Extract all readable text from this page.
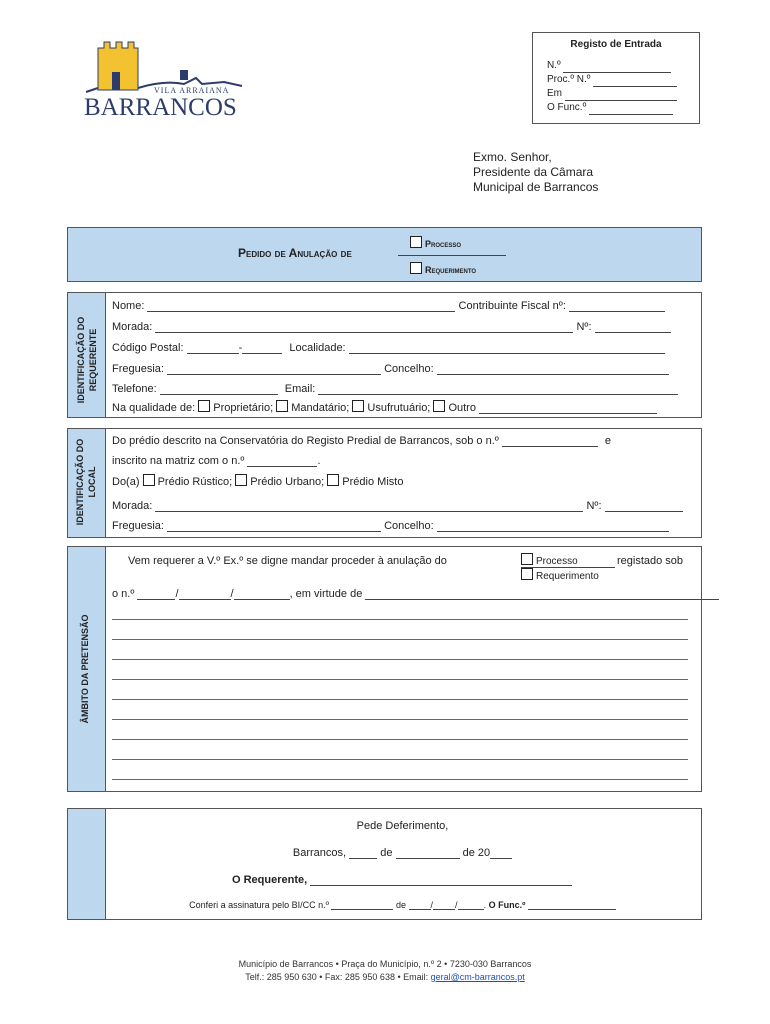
VILA ARRAIANA
BARRANCOS
Registo de Entrada
N.º
Proc.º N.º
Em
O Func.º
Exmo. Senhor,
Presidente da Câmara
Municipal de Barrancos
Pedido de Anulação de
Processo
Requerimento
IDENTIFICAÇÃO DO REQUERENTE
Nome:	Contribuinte Fiscal nº:
Morada:	Nº:
Código Postal:	-	Localidade:
Freguesia:	Concelho:
Telefone:	Email:
Na qualidade de: Proprietário; Mandatário; Usufrutuário; Outro
IDENTIFICAÇÃO DO LOCAL
Do prédio descrito na Conservatória do Registo Predial de Barrancos, sob o n.º	e
inscrito na matriz com o n.º	.
Do(a) Prédio Rústico; Prédio Urbano; Prédio Misto
Morada:	Nº:
Freguesia:	Concelho:
ÂMBITO DA PRETENSÃO
Vem requerer a V.º Ex.º se digne mandar proceder à anulação do	Processo
Requerimento
registado sob
o n.º	/	/	, em virtude de
Pede Deferimento,
Barrancos,	de	de 20
O Requerente,
Conferi a assinatura pelo BI/CC n.º	de	/ /	. O Func.º
Município de Barrancos • Praça do Município, n.º 2 • 7230-030 Barrancos
Telf.: 285 950 630 • Fax: 285 950 638 • Email: geral@cm-barrancos.pt
